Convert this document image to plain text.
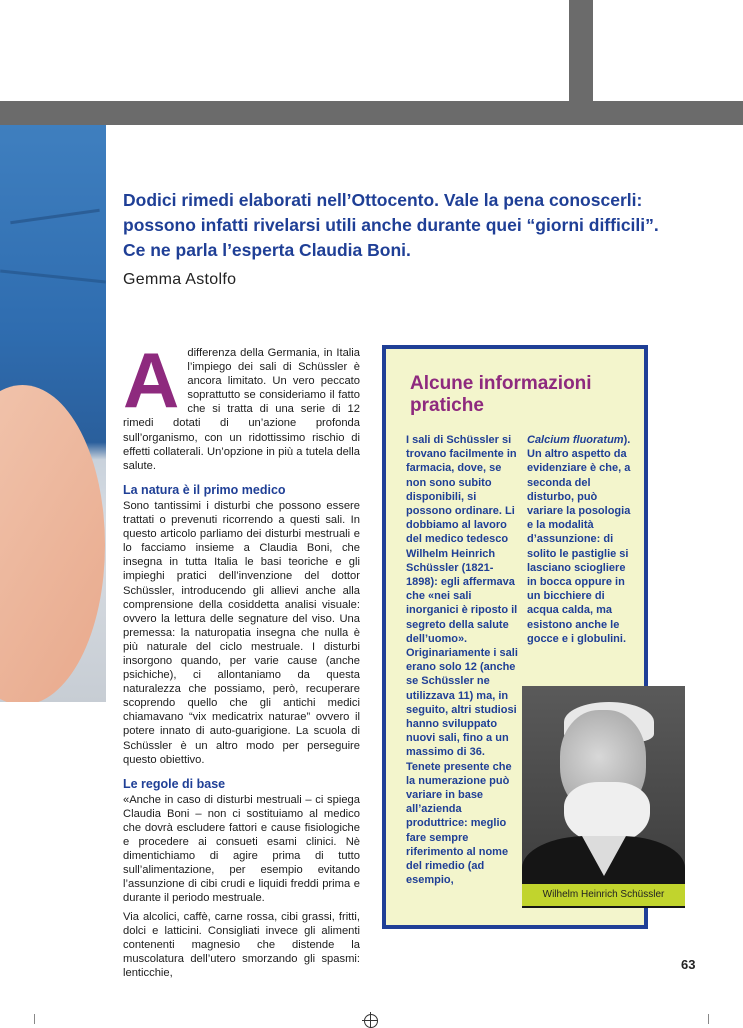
Dodici rimedi elaborati nell’Ottocento. Vale la pena conoscerli: possono infatti rivelarsi utili anche durante quei “giorni difficili”. Ce ne parla l’esperta Claudia Boni.
Gemma Astolfo

Adifferenza della Germania, in Italia l’impiego dei sali di Schüssler è ancora limitato. Un vero peccato soprattutto se consideriamo il fatto che si tratta di una serie di 12 rimedi dotati di un’azione profonda sull’organismo, con un ridottissimo rischio di effetti collaterali. Un’opzione in più a tutela della salute.

La natura è il primo medico

Sono tantissimi i disturbi che possono essere trattati o prevenuti ricorrendo a questi sali. In questo articolo parliamo dei disturbi mestruali e lo facciamo insieme a Claudia Boni, che insegna in tutta Italia le basi teoriche e gli impieghi pratici dell’invenzione del dottor Schüssler, introducendo gli allievi anche alla comprensione della cosiddetta analisi visuale: ovvero la lettura delle segnature del viso. Una premessa: la naturopatia insegna che nulla è più naturale del ciclo mestruale. I disturbi insorgono quando, per varie cause (anche psichiche), ci allontaniamo da questa naturalezza che possiamo, però, recuperare scoprendo quello che gli antichi medici chiamavano “vix medicatrix naturae” ovvero il potere innato di auto-guarigione. La scuola di Schüssler è un altro modo per perseguire questo obiettivo.

Le regole di base

«Anche in caso di disturbi mestruali – ci spiega Claudia Boni – non ci sostituiamo al medico che dovrà escludere fattori e cause fisiologiche e procedere ai consueti esami clinici. Nè dimentichiamo di agire prima di tutto sull’alimentazione, per esempio evitando l’assunzione di cibi crudi e liquidi freddi prima e durante il periodo mestruale.

Via alcolici, caffè, carne rossa, cibi grassi, fritti, dolci e latticini. Consigliati invece gli alimenti contenenti magnesio che distende la muscolatura dell’utero smorzando gli spasmi: lenticchie,

Alcune informazioni pratiche
I sali di Schüssler si trovano facilmente in farmacia, dove, se non sono subito disponibili, si possono ordinare. Li dobbiamo al lavoro del medico tedesco Wilhelm Heinrich Schüssler (1821-1898): egli affermava che «nei sali inorganici è riposto il segreto della salute dell’uomo». Originariamente i sali erano solo 12 (anche se Schüssler ne utilizzava 11) ma, in seguito, altri studiosi hanno sviluppato nuovi sali, fino a un massimo di 36. Tenete presente che la numerazione può variare in base all’azienda produttrice: meglio fare sempre riferimento al nome del rimedio (ad esempio,
Calcium fluoratum). Un altro aspetto da evidenziare è che, a seconda del disturbo, può variare la posologia e la modalità d’assunzione: di solito le pastiglie si lasciano sciogliere in bocca oppure in un bicchiere di acqua calda, ma esistono anche le gocce e i globulini.
Wilhelm Heinrich Schüssler
63
